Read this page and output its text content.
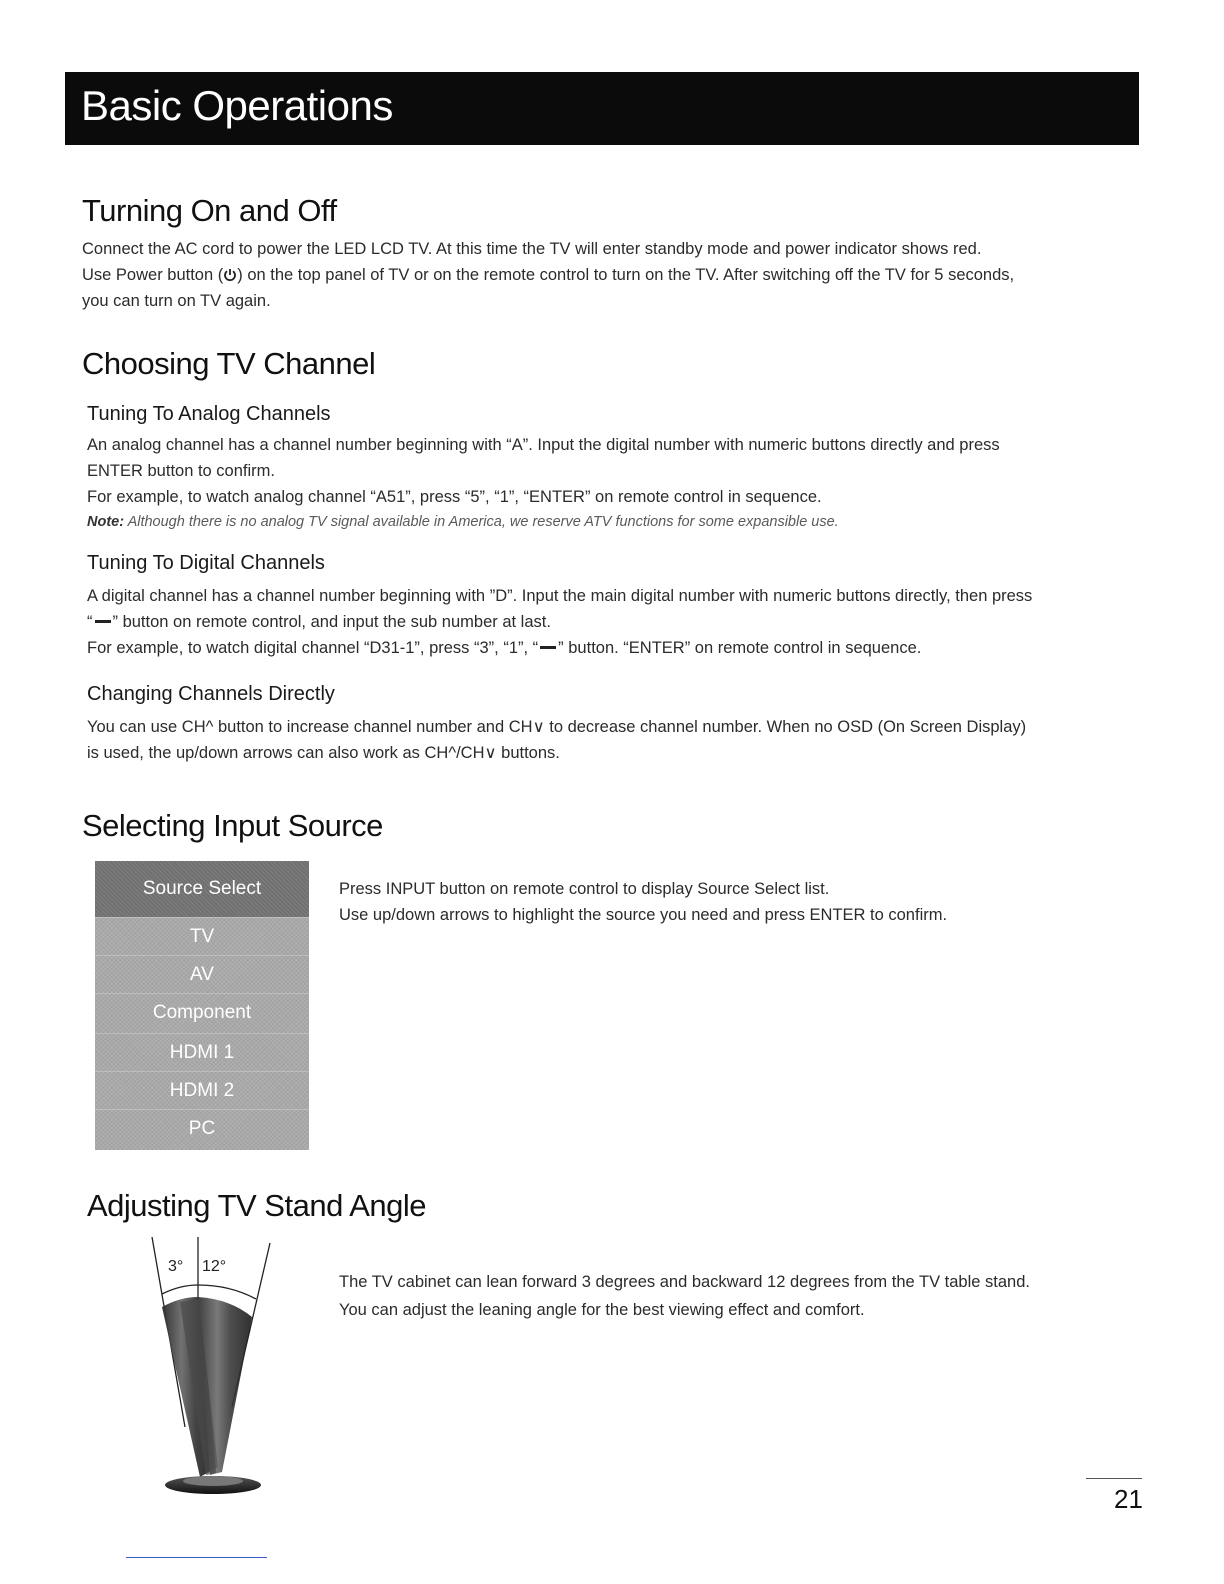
Basic Operations
Turning On and Off

Connect the AC cord to power the LED LCD TV. At this time the TV will enter standby mode and power indicator shows red.

Use Power button ( ) on the top panel of TV or on the remote control to turn on the TV. After switching off the TV for 5 seconds,

you can turn on TV again.

Choosing TV Channel
Tuning To Analog Channels

An analog channel has a channel number beginning with “A”. Input the digital number with numeric buttons directly and press

ENTER button to confirm.

For example, to watch analog channel “A51”, press “5”, “1”, “ENTER” on remote control in sequence.

Note: Although there is no analog TV signal available in America, we reserve ATV functions for some expansible use.

Tuning To Digital Channels

A digital channel has a channel number beginning with ”D”. Input the main digital number with numeric buttons directly, then press

“ ” button on remote control, and input the sub number at last.

For example, to watch digital channel “D31-1”, press “3”, “1”, “ ” button. “ENTER” on remote control in sequence.

Changing Channels Directly

You can use CH^ button to increase channel number and CH∨ to decrease channel number. When no OSD (On Screen Display)

is used, the up/down arrows can also work as CH^/CH∨ buttons.

Selecting Input Source
Source Select
TV
AV
Component
HDMI 1
HDMI 2
PC

Press INPUT button on remote control to display Source Select list.

Use up/down arrows to highlight the source you need and press ENTER to confirm.

Adjusting TV Stand Angle
3° 12°

The TV cabinet can lean forward 3 degrees and backward 12 degrees from the TV table stand.

You can adjust the leaning angle for the best viewing effect and comfort.

21
